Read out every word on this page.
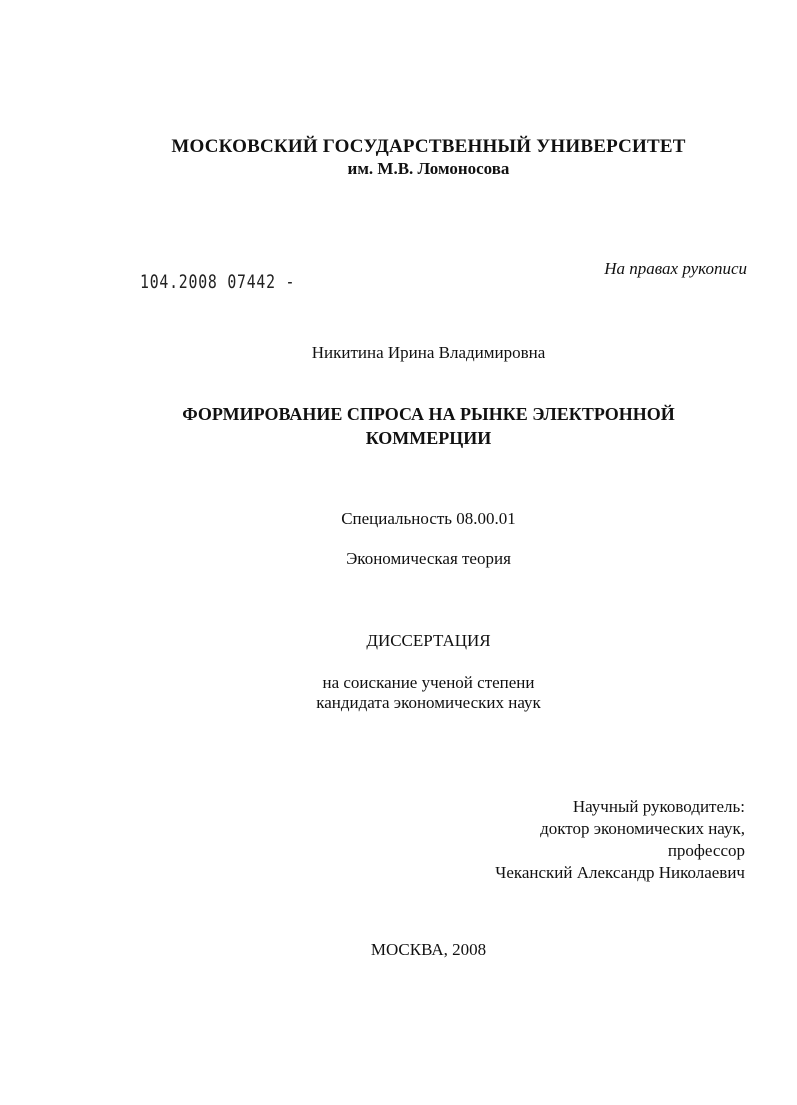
МОСКОВСКИЙ ГОСУДАРСТВЕННЫЙ УНИВЕРСИТЕТ
им. М.В. Ломоносова
На правах рукописи
104.2008 07442 -
Никитина Ирина Владимировна
ФОРМИРОВАНИЕ СПРОСА НА РЫНКЕ ЭЛЕКТРОННОЙ
КОММЕРЦИИ
Специальность 08.00.01
Экономическая теория
ДИССЕРТАЦИЯ
на соискание ученой степени
кандидата экономических наук
Научный руководитель:
доктор экономических наук,
профессор
Чеканский Александр Николаевич
МОСКВА, 2008
